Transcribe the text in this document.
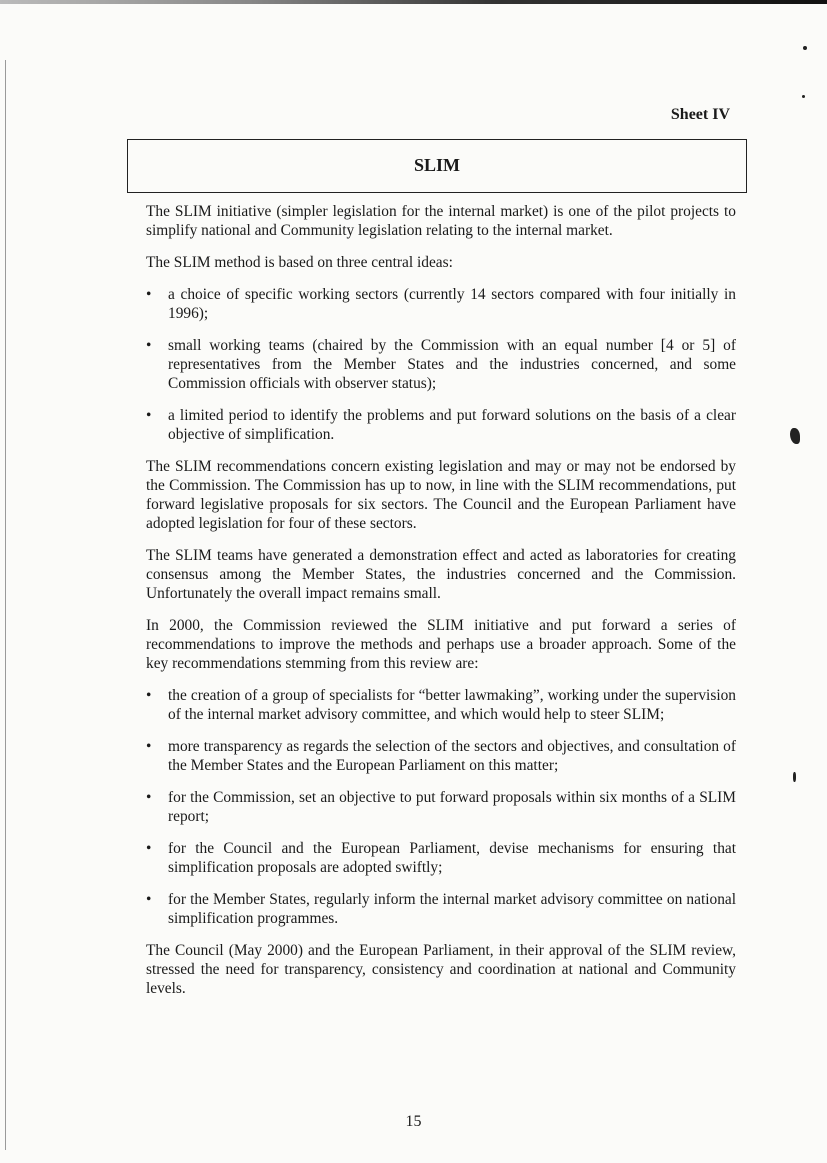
Sheet IV
SLIM

The SLIM initiative (simpler legislation for the internal market) is one of the pilot projects to simplify national and Community legislation relating to the internal market.

The SLIM method is based on three central ideas:

•	a choice of specific working sectors (currently 14 sectors compared with four initially in 1996);
•	small working teams (chaired by the Commission with an equal number [4 or 5] of representatives from the Member States and the industries concerned, and some Commission officials with observer status);
•	a limited period to identify the problems and put forward solutions on the basis of a clear objective of simplification.

The SLIM recommendations concern existing legislation and may or may not be endorsed by the Commission. The Commission has up to now, in line with the SLIM recommendations, put forward legislative proposals for six sectors. The Council and the European Parliament have adopted legislation for four of these sectors.

The SLIM teams have generated a demonstration effect and acted as laboratories for creating consensus among the Member States, the industries concerned and the Commission. Unfortunately the overall impact remains small.

In 2000, the Commission reviewed the SLIM initiative and put forward a series of recommendations to improve the methods and perhaps use a broader approach. Some of the key recommendations stemming from this review are:

•	the creation of a group of specialists for “better lawmaking”, working under the supervision of the internal market advisory committee, and which would help to steer SLIM;
•	more transparency as regards the selection of the sectors and objectives, and consultation of the Member States and the European Parliament on this matter;
•	for the Commission, set an objective to put forward proposals within six months of a SLIM report;
•	for the Council and the European Parliament, devise mechanisms for ensuring that simplification proposals are adopted swiftly;
•	for the Member States, regularly inform the internal market advisory committee on national simplification programmes.

The Council (May 2000) and the European Parliament, in their approval of the SLIM review, stressed the need for transparency, consistency and coordination at national and Community levels.

15
